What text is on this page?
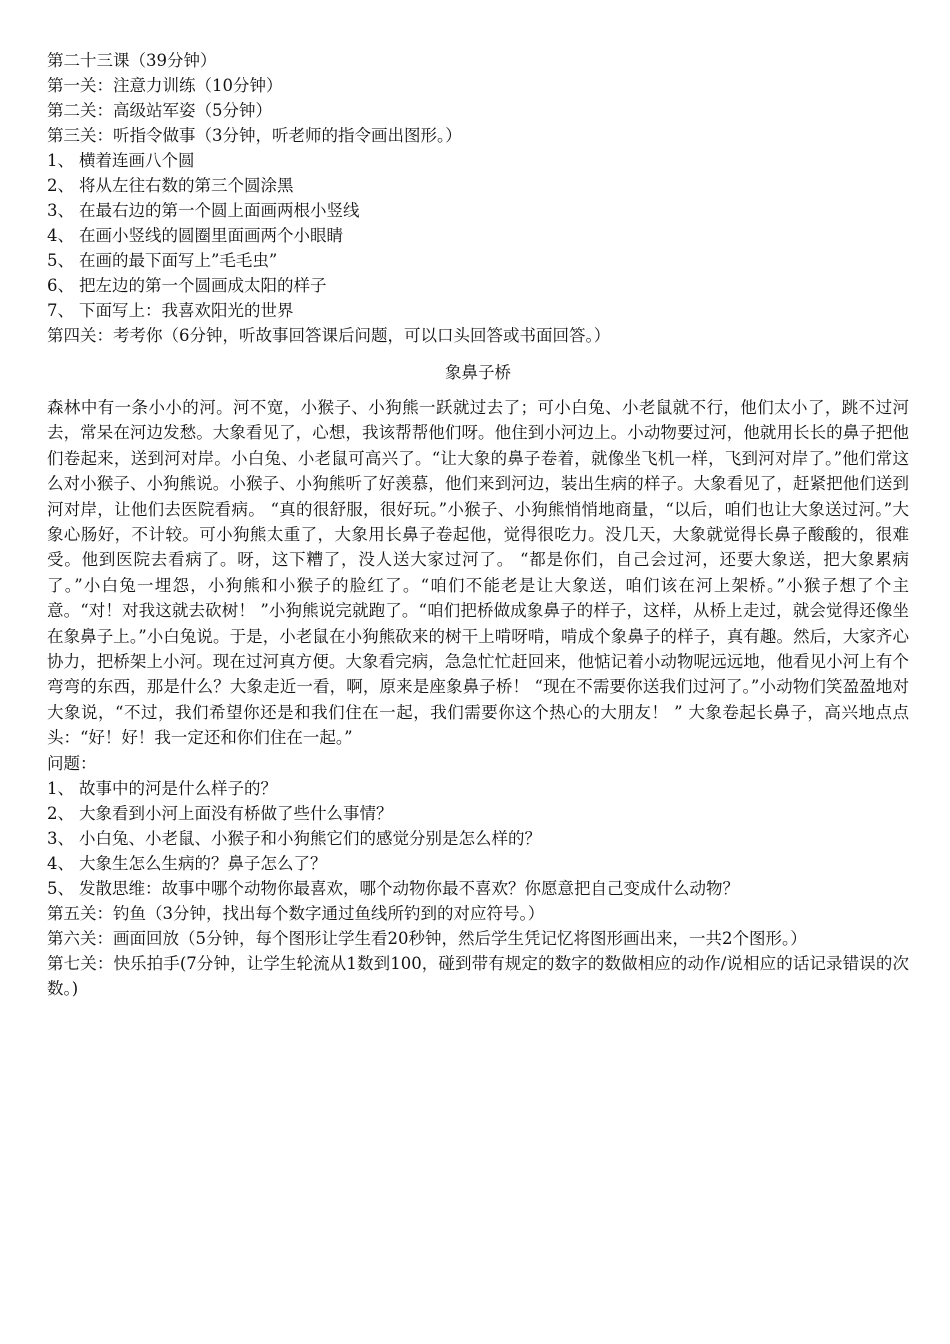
第二十三课（39分钟）
第一关：注意力训练（10分钟）
第二关：高级站军姿（5分钟）
第三关：听指令做事（3分钟，听老师的指令画出图形。）
1、 横着连画八个圆
2、 将从左往右数的第三个圆涂黑
3、 在最右边的第一个圆上面画两根小竖线
4、 在画小竖线的圆圈里面画两个小眼睛
5、 在画的最下面写上”毛毛虫”
6、 把左边的第一个圆画成太阳的样子
7、 下面写上：我喜欢阳光的世界
第四关：考考你（6分钟，听故事回答课后问题，可以口头回答或书面回答。）
象鼻子桥
森林中有一条小小的河。河不宽，小猴子、小狗熊一跃就过去了；可小白兔、小老鼠就不行，他们太小了，跳不过河去，常呆在河边发愁。大象看见了，心想，我该帮帮他们呀。他住到小河边上。小动物要过河，他就用长长的鼻子把他们卷起来，送到河对岸。小白兔、小老鼠可高兴了。“让大象的鼻子卷着，就像坐飞机一样，飞到河对岸了。”他们常这么对小猴子、小狗熊说。小猴子、小狗熊听了好羡慕，他们来到河边，装出生病的样子。大象看见了，赶紧把他们送到河对岸，让他们去医院看病。 “真的很舒服，很好玩。”小猴子、小狗熊悄悄地商量，“以后，咱们也让大象送过河。”大象心肠好，不计较。可小狗熊太重了，大象用长鼻子卷起他，觉得很吃力。没几天，大象就觉得长鼻子酸酸的，很难受。他到医院去看病了。呀，这下糟了，没人送大家过河了。 “都是你们，自己会过河，还要大象送，把大象累病了。”小白兔一埋怨，小狗熊和小猴子的脸红了。“咱们不能老是让大象送，咱们该在河上架桥。”小猴子想了个主意。“对！对我这就去砍树！ ”小狗熊说完就跑了。“咱们把桥做成象鼻子的样子，这样，从桥上走过，就会觉得还像坐在象鼻子上。”小白兔说。于是，小老鼠在小狗熊砍来的树干上啃呀啃，啃成个象鼻子的样子，真有趣。然后，大家齐心协力，把桥架上小河。现在过河真方便。大象看完病，急急忙忙赶回来，他惦记着小动物呢远远地，他看见小河上有个弯弯的东西，那是什么？大象走近一看，啊，原来是座象鼻子桥！ “现在不需要你送我们过河了。”小动物们笑盈盈地对大象说，“不过，我们希望你还是和我们住在一起，我们需要你这个热心的大朋友！ ” 大象卷起长鼻子，高兴地点点头：“好！好！我一定还和你们住在一起。”
问题：
1、 故事中的河是什么样子的？
2、 大象看到小河上面没有桥做了些什么事情？
3、 小白兔、小老鼠、小猴子和小狗熊它们的感觉分别是怎么样的？
4、 大象生怎么生病的？鼻子怎么了？
5、 发散思维：故事中哪个动物你最喜欢，哪个动物你最不喜欢？你愿意把自己变成什么动物？
第五关：钓鱼（3分钟，找出每个数字通过鱼线所钓到的对应符号。）
第六关：画面回放（5分钟，每个图形让学生看20秒钟，然后学生凭记忆将图形画出来，一共2个图形。）
第七关：快乐拍手(7分钟，让学生轮流从1数到100，碰到带有规定的数字的数做相应的动作/说相应的话记录错误的次数。)
